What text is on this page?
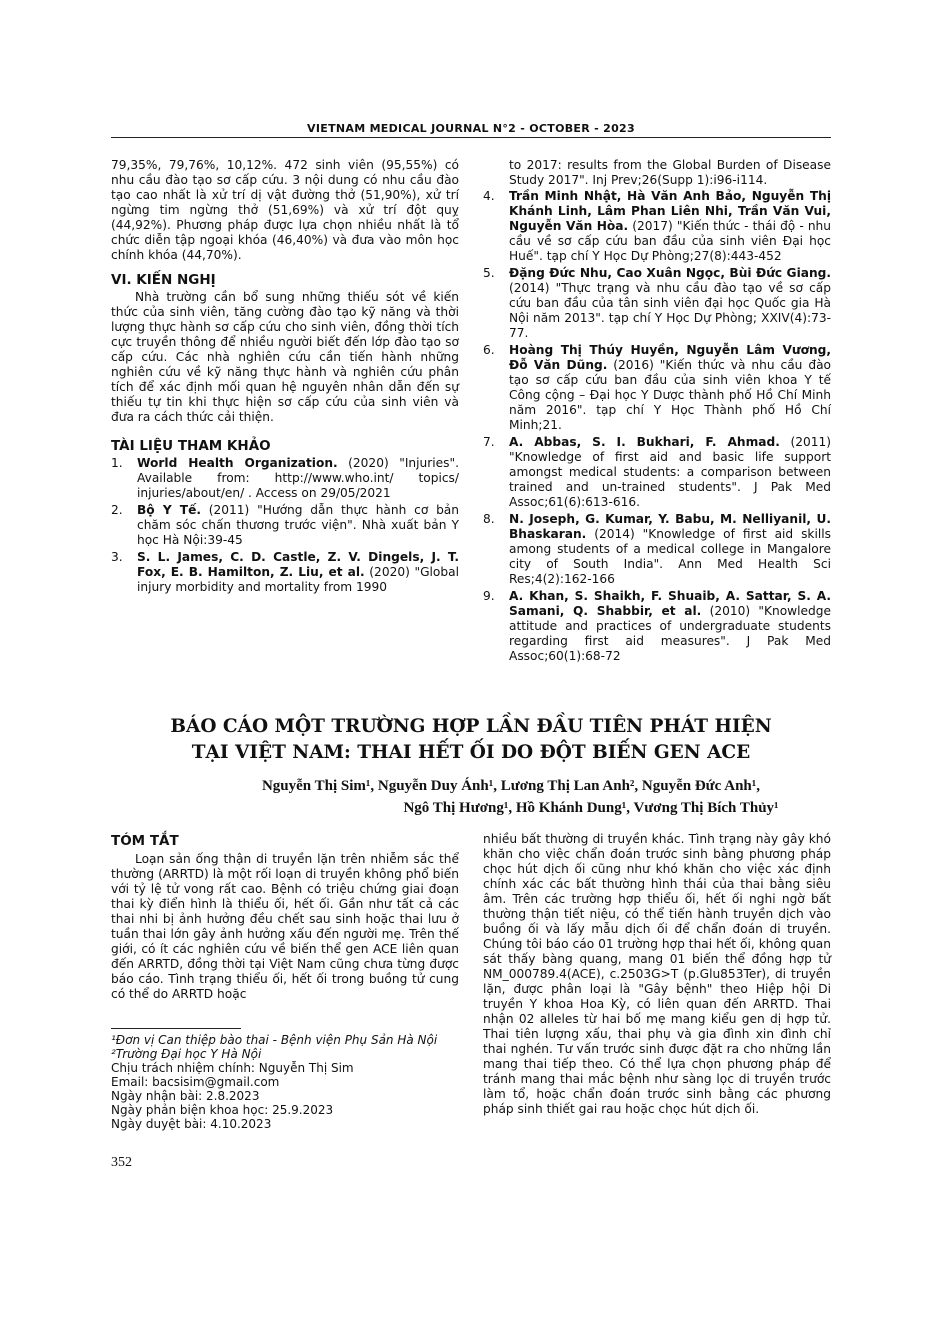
VIETNAM MEDICAL JOURNAL N°2 - OCTOBER - 2023

79,35%, 79,76%, 10,12%. 472 sinh viên (95,55%) có nhu cầu đào tạo sơ cấp cứu. 3 nội dung có nhu cầu đào tạo cao nhất là xử trí dị vật đường thở (51,90%), xử trí ngừng tim ngừng thở (51,69%) và xử trí đột quỵ (44,92%). Phương pháp được lựa chọn nhiều nhất là tổ chức diễn tập ngoại khóa (46,40%) và đưa vào môn học chính khóa (44,70%).

VI. KIẾN NGHỊ

Nhà trường cần bổ sung những thiếu sót về kiến thức của sinh viên, tăng cường đào tạo kỹ năng và thời lượng thực hành sơ cấp cứu cho sinh viên, đồng thời tích cực truyền thông để nhiều người biết đến lớp đào tạo sơ cấp cứu. Các nhà nghiên cứu cần tiến hành những nghiên cứu về kỹ năng thực hành và nghiên cứu phân tích để xác định mối quan hệ nguyên nhân dẫn đến sự thiếu tự tin khi thực hiện sơ cấp cứu của sinh viên và đưa ra cách thức cải thiện.

TÀI LIỆU THAM KHẢO

1.	World Health Organization. (2020) "Injuries". Available from: http://www.who.int/ topics/ injuries/about/en/ . Access on 29/05/2021
2.	Bộ Y Tế. (2011) "Hướng dẫn thực hành cơ bản chăm sóc chấn thương trước viện". Nhà xuất bản Y học Hà Nội:39-45
3.	S. L. James, C. D. Castle, Z. V. Dingels, J. T. Fox, E. B. Hamilton, Z. Liu, et al. (2020) "Global injury morbidity and mortality from 1990

to 2017: results from the Global Burden of Disease Study 2017". Inj Prev;26(Supp 1):i96-i114.

4.	Trần Minh Nhật, Hà Văn Anh Bảo, Nguyễn Thị Khánh Linh, Lâm Phan Liên Nhi, Trần Văn Vui, Nguyễn Văn Hòa. (2017) "Kiến thức - thái độ - nhu cầu về sơ cấp cứu ban đầu của sinh viên Đại học Huế". tạp chí Y Học Dự Phòng;27(8):443-452
5.	Đặng Đức Nhu, Cao Xuân Ngọc, Bùi Đức Giang. (2014) "Thực trạng và nhu cầu đào tạo về sơ cấp cứu ban đầu của tân sinh viên đại học Quốc gia Hà Nội năm 2013". tạp chí Y Học Dự Phòng; XXIV(4):73-77.
6.	Hoàng Thị Thúy Huyền, Nguyễn Lâm Vương, Đỗ Văn Dũng. (2016) "Kiến thức và nhu cầu đào tạo sơ cấp cứu ban đầu của sinh viên khoa Y tế Công cộng – Đại học Y Dược thành phố Hồ Chí Minh năm 2016". tạp chí Y Học Thành phố Hồ Chí Minh;21.
7.	A. Abbas, S. I. Bukhari, F. Ahmad. (2011) "Knowledge of first aid and basic life support amongst medical students: a comparison between trained and un-trained students". J Pak Med Assoc;61(6):613-616.
8.	N. Joseph, G. Kumar, Y. Babu, M. Nelliyanil, U. Bhaskaran. (2014) "Knowledge of first aid skills among students of a medical college in Mangalore city of South India". Ann Med Health Sci Res;4(2):162-166
9.	A. Khan, S. Shaikh, F. Shuaib, A. Sattar, S. A. Samani, Q. Shabbir, et al. (2010) "Knowledge attitude and practices of undergraduate students regarding first aid measures". J Pak Med Assoc;60(1):68-72
BÁO CÁO MỘT TRƯỜNG HỢP LẦN ĐẦU TIÊN PHÁT HIỆN
TẠI VIỆT NAM: THAI HẾT ỐI DO ĐỘT BIẾN GEN ACE
Nguyễn Thị Sim¹, Nguyễn Duy Ánh¹, Lương Thị Lan Anh², Nguyễn Đức Anh¹,
Ngô Thị Hương¹, Hồ Khánh Dung¹, Vương Thị Bích Thủy¹

TÓM TẮT

Loạn sản ống thận di truyền lặn trên nhiễm sắc thể thường (ARRTD) là một rối loạn di truyền không phổ biến với tỷ lệ tử vong rất cao. Bệnh có triệu chứng giai đoạn thai kỳ điển hình là thiểu ối, hết ối. Gần như tất cả các thai nhi bị ảnh hưởng đều chết sau sinh hoặc thai lưu ở tuần thai lớn gây ảnh hưởng xấu đến người mẹ. Trên thế giới, có ít các nghiên cứu về biến thể gen ACE liên quan đến ARRTD, đồng thời tại Việt Nam cũng chưa từng được báo cáo. Tình trạng thiểu ối, hết ối trong buồng tử cung có thể do ARRTD hoặc

¹Đơn vị Can thiệp bào thai - Bệnh viện Phụ Sản Hà Nội

²Trường Đại học Y Hà Nội

Chịu trách nhiệm chính: Nguyễn Thị Sim

Email: bacsisim@gmail.com

Ngày nhận bài: 2.8.2023

Ngày phản biện khoa học: 25.9.2023

Ngày duyệt bài: 4.10.2023

nhiều bất thường di truyền khác. Tình trạng này gây khó khăn cho việc chẩn đoán trước sinh bằng phương pháp chọc hút dịch ối cũng như khó khăn cho việc xác định chính xác các bất thường hình thái của thai bằng siêu âm. Trên các trường hợp thiểu ối, hết ối nghi ngờ bất thường thận tiết niệu, có thể tiến hành truyền dịch vào buồng ối và lấy mẫu dịch ối để chẩn đoán di truyền. Chúng tôi báo cáo 01 trường hợp thai hết ối, không quan sát thấy bàng quang, mang 01 biến thể đồng hợp tử NM_000789.4(ACE), c.2503G>T (p.Glu853Ter), di truyền lặn, được phân loại là "Gây bệnh" theo Hiệp hội Di truyền Y khoa Hoa Kỳ, có liên quan đến ARRTD. Thai nhận 02 alleles từ hai bố mẹ mang kiểu gen dị hợp tử. Thai tiên lượng xấu, thai phụ và gia đình xin đình chỉ thai nghén. Tư vấn trước sinh được đặt ra cho những lần mang thai tiếp theo. Có thể lựa chọn phương pháp để tránh mang thai mắc bệnh như sàng lọc di truyền trước làm tổ, hoặc chẩn đoán trước sinh bằng các phương pháp sinh thiết gai rau hoặc chọc hút dịch ối.

352
